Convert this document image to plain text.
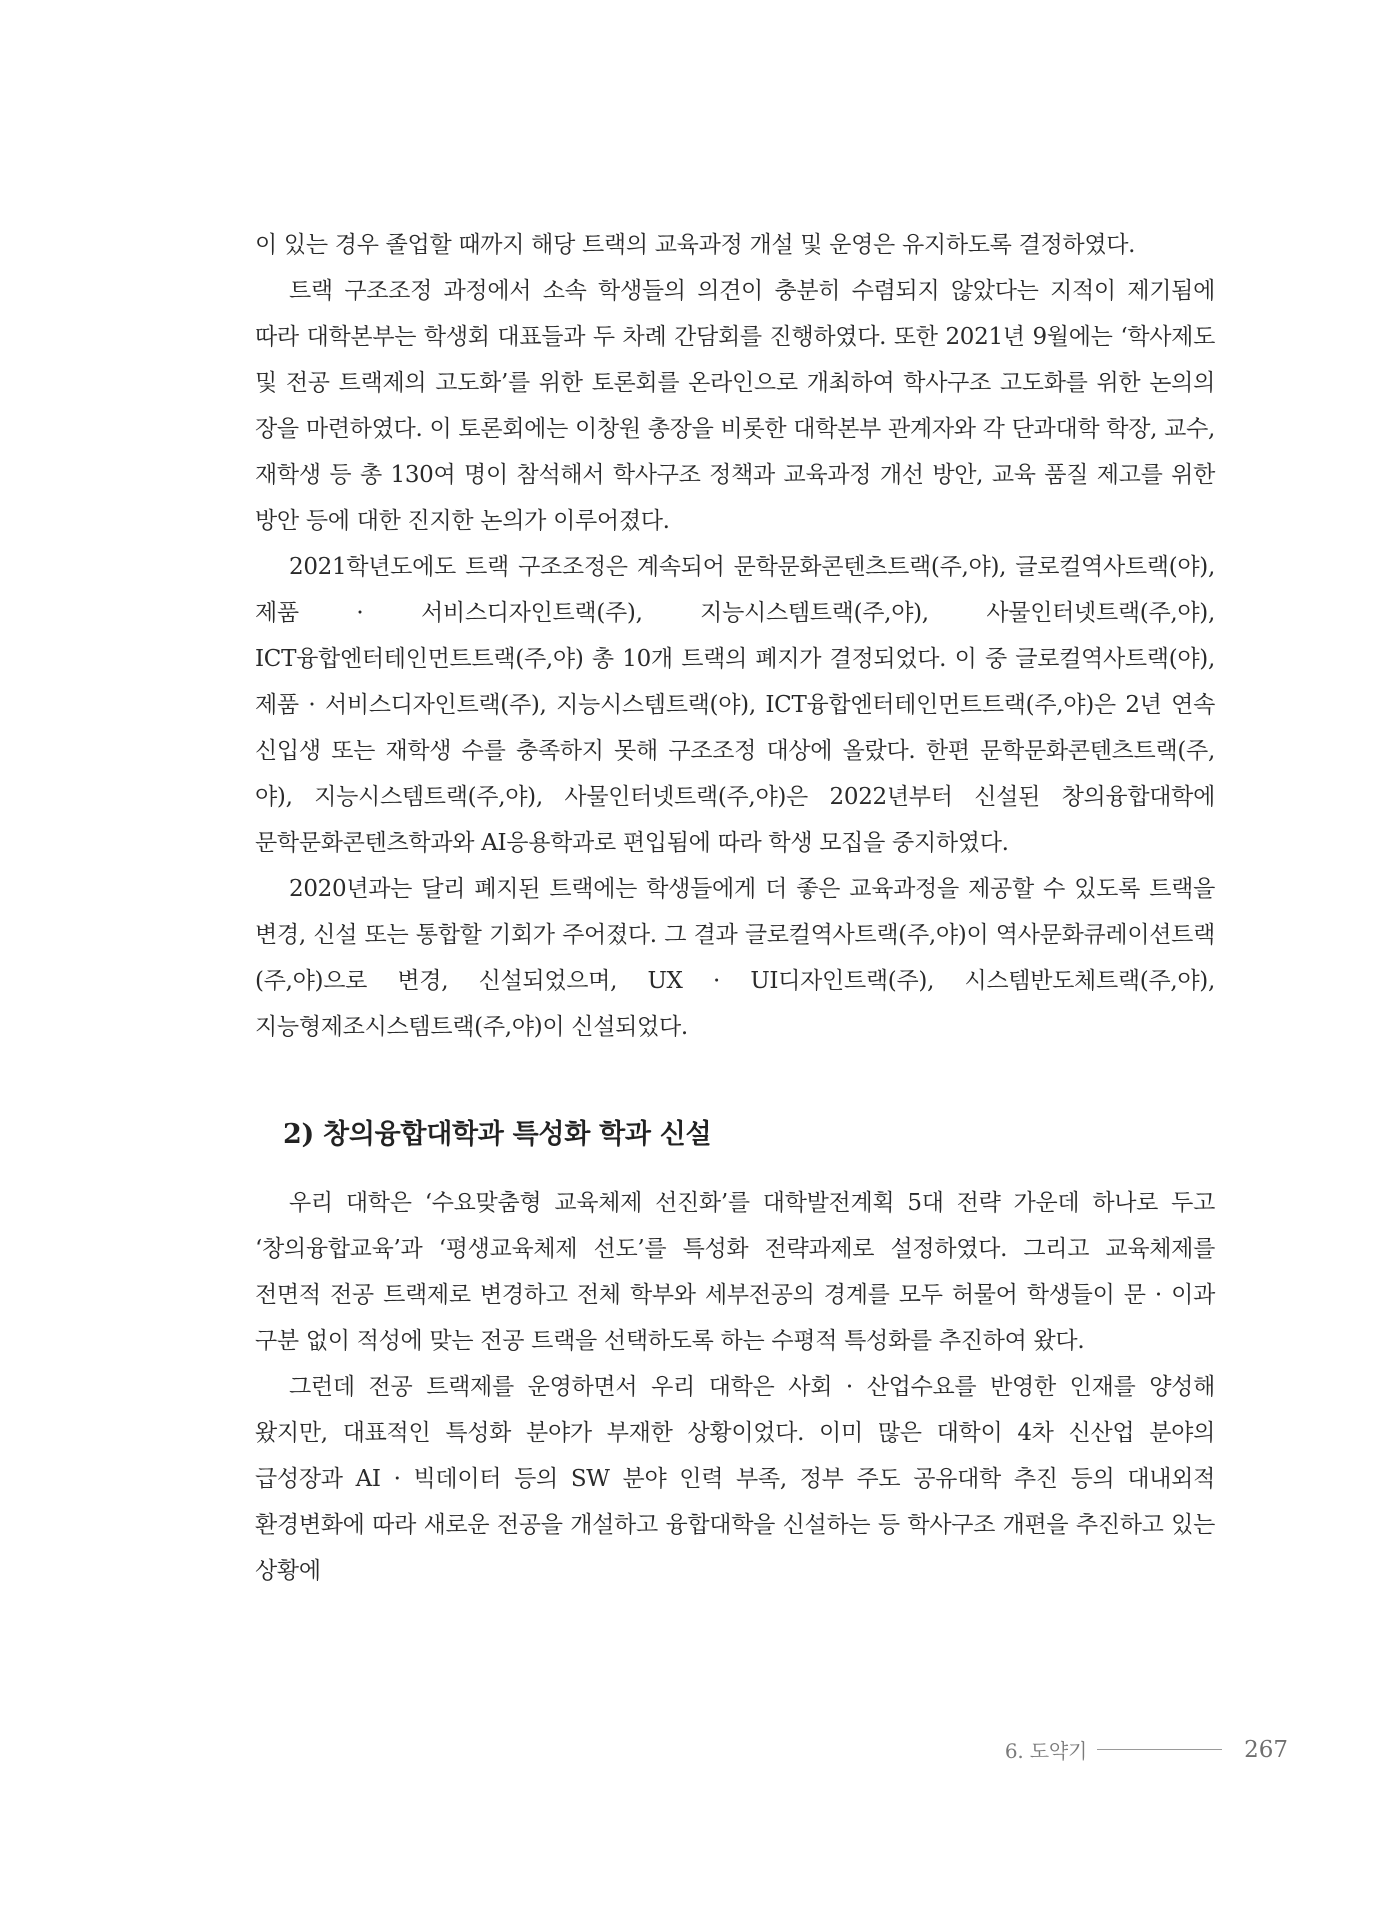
이 있는 경우 졸업할 때까지 해당 트랙의 교육과정 개설 및 운영은 유지하도록 결정하였다.

트랙 구조조정 과정에서 소속 학생들의 의견이 충분히 수렴되지 않았다는 지적이 제기됨에 따라 대학본부는 학생회 대표들과 두 차례 간담회를 진행하였다. 또한 2021년 9월에는 ‘학사제도 및 전공 트랙제의 고도화’를 위한 토론회를 온라인으로 개최하여 학사구조 고도화를 위한 논의의 장을 마련하였다. 이 토론회에는 이창원 총장을 비롯한 대학본부 관계자와 각 단과대학 학장, 교수, 재학생 등 총 130여 명이 참석해서 학사구조 정책과 교육과정 개선 방안, 교육 품질 제고를 위한 방안 등에 대한 진지한 논의가 이루어졌다.

2021학년도에도 트랙 구조조정은 계속되어 문학문화콘텐츠트랙(주,야), 글로컬역사트랙(야), 제품 · 서비스디자인트랙(주), 지능시스템트랙(주,야), 사물인터넷트랙(주,야), ICT융합엔터테인먼트트랙(주,야) 총 10개 트랙의 폐지가 결정되었다. 이 중 글로컬역사트랙(야), 제품 · 서비스디자인트랙(주), 지능시스템트랙(야), ICT융합엔터테인먼트트랙(주,야)은 2년 연속 신입생 또는 재학생 수를 충족하지 못해 구조조정 대상에 올랐다. 한편 문학문화콘텐츠트랙(주,야), 지능시스템트랙(주,야), 사물인터넷트랙(주,야)은 2022년부터 신설된 창의융합대학에 문학문화콘텐츠학과와 AI응용학과로 편입됨에 따라 학생 모집을 중지하였다.

2020년과는 달리 폐지된 트랙에는 학생들에게 더 좋은 교육과정을 제공할 수 있도록 트랙을 변경, 신설 또는 통합할 기회가 주어졌다. 그 결과 글로컬역사트랙(주,야)이 역사문화큐레이션트랙(주,야)으로 변경, 신설되었으며, UX · UI디자인트랙(주), 시스템반도체트랙(주,야), 지능형제조시스템트랙(주,야)이 신설되었다.

2) 창의융합대학과 특성화 학과 신설

우리 대학은 ‘수요맞춤형 교육체제 선진화’를 대학발전계획 5대 전략 가운데 하나로 두고 ‘창의융합교육’과 ‘평생교육체제 선도’를 특성화 전략과제로 설정하였다. 그리고 교육체제를 전면적 전공 트랙제로 변경하고 전체 학부와 세부전공의 경계를 모두 허물어 학생들이 문 · 이과 구분 없이 적성에 맞는 전공 트랙을 선택하도록 하는 수평적 특성화를 추진하여 왔다.

그런데 전공 트랙제를 운영하면서 우리 대학은 사회 · 산업수요를 반영한 인재를 양성해 왔지만, 대표적인 특성화 분야가 부재한 상황이었다. 이미 많은 대학이 4차 신산업 분야의 급성장과 AI · 빅데이터 등의 SW 분야 인력 부족, 정부 주도 공유대학 추진 등의 대내외적 환경변화에 따라 새로운 전공을 개설하고 융합대학을 신설하는 등 학사구조 개편을 추진하고 있는 상황에

6. 도약기	267
